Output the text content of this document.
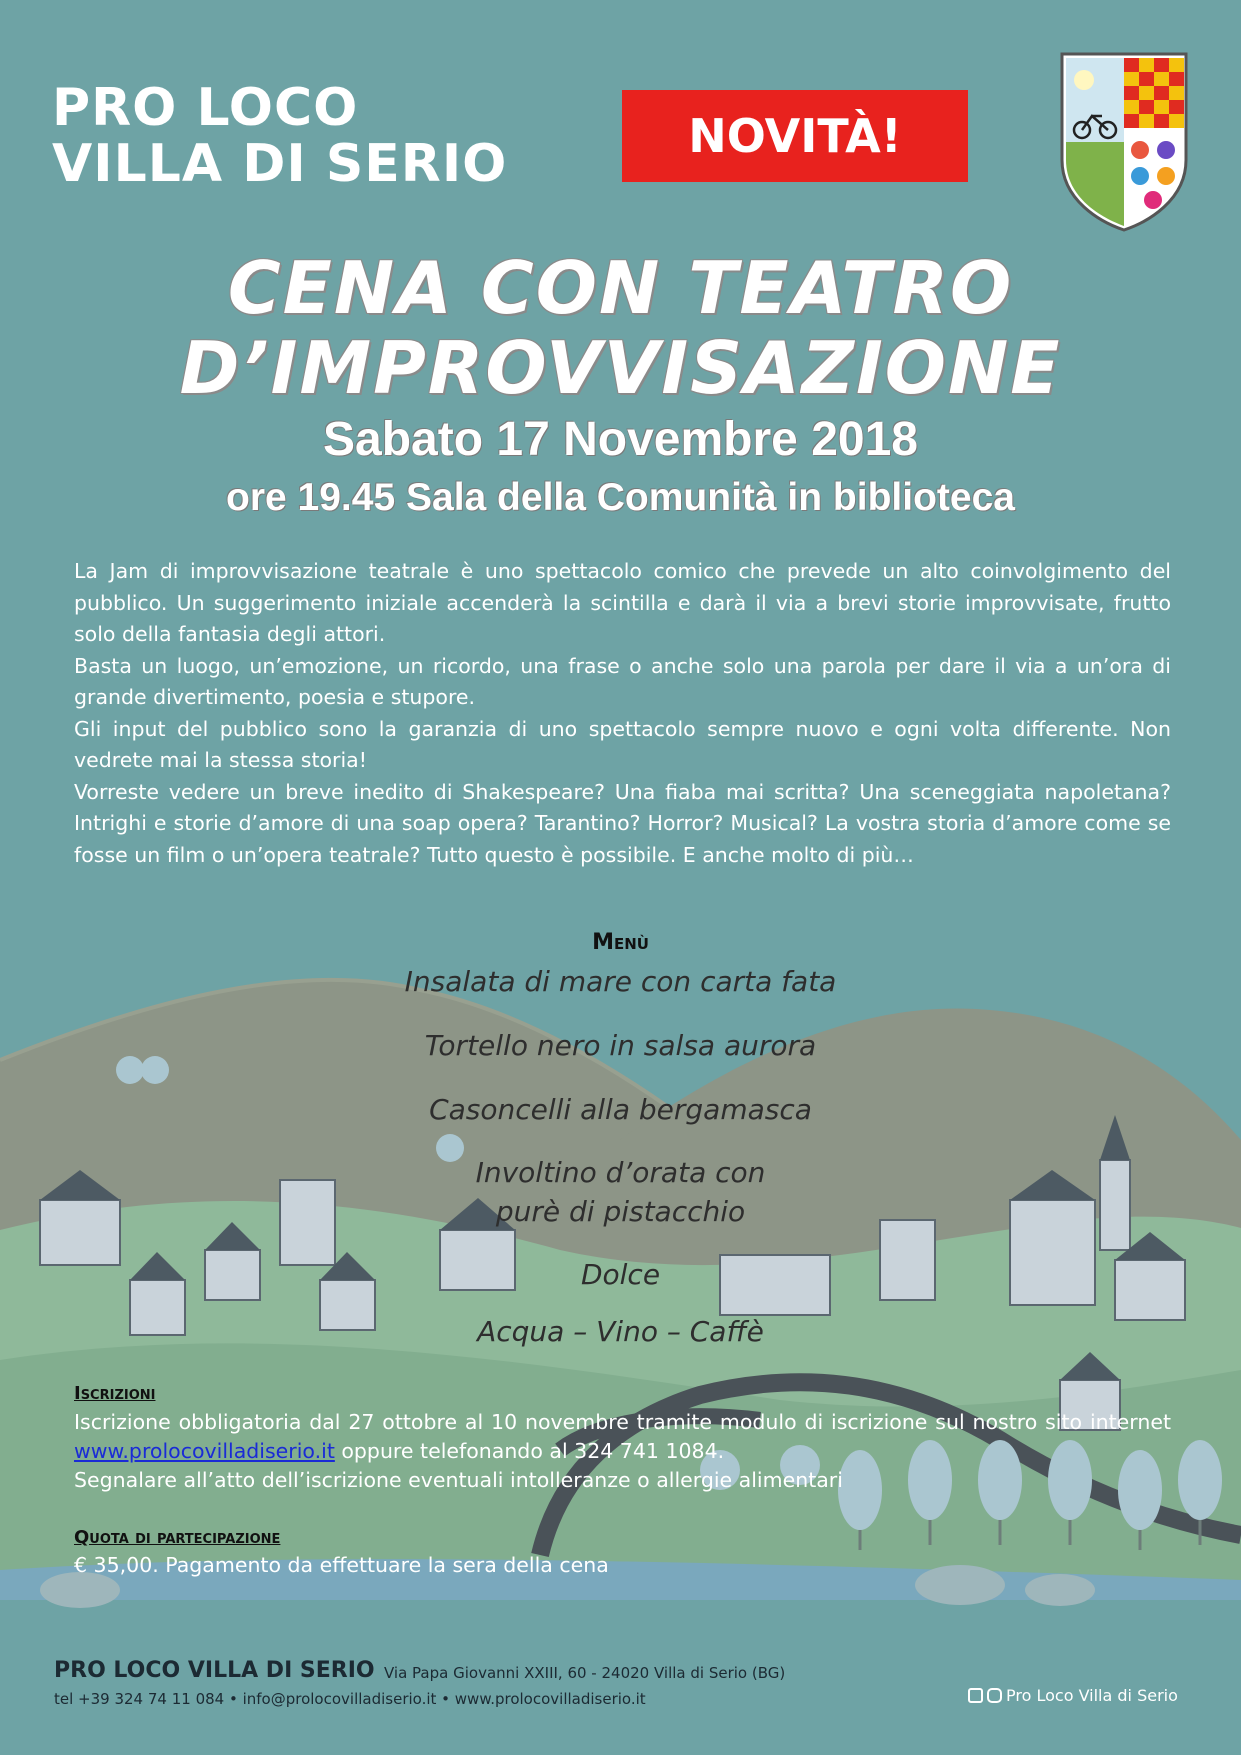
PRO LOCO
VILLA DI SERIO	NOVITÀ!
CENA CON TEATRO
D’IMPROVVISAZIONE
Sabato 17 Novembre 2018
ore 19.45 Sala della Comunità in biblioteca

La Jam di improvvisazione teatrale è uno spettacolo comico che prevede un alto coinvolgimento del pubblico. Un suggerimento iniziale accenderà la scintilla e darà il via a brevi storie improvvisate, frutto solo della fantasia degli attori.

Basta un luogo, un’emozione, un ricordo, una frase o anche solo una parola per dare il via a un’ora di grande divertimento, poesia e stupore.

Gli input del pubblico sono la garanzia di uno spettacolo sempre nuovo e ogni volta differente. Non vedrete mai la stessa storia!

Vorreste vedere un breve inedito di Shakespeare? Una fiaba mai scritta? Una sceneggiata napoletana? Intrighi e storie d’amore di una soap opera? Tarantino? Horror? Musical? La vostra storia d’amore come se fosse un film o un’opera teatrale? Tutto questo è possibile. E anche molto di più…

Menù
Insalata di mare con carta fata
Tortello nero in salsa aurora
Casoncelli alla bergamasca
Involtino d’orata con
purè di pistacchio
Dolce
Acqua – Vino – Caffè
Iscrizioni

Iscrizione obbligatoria dal 27 ottobre al 10 novembre tramite modulo di iscrizione sul nostro sito internet www.prolocovilladiserio.it oppure telefonando al 324 741 1084.

Segnalare all’atto dell’iscrizione eventuali intolleranze o allergie alimentari

Quota di partecipazione
€ 35,00. Pagamento da effettuare la sera della cena
PRO LOCO VILLA DI SERIO Via Papa Giovanni XXIII, 60 - 24020 Villa di Serio (BG)
tel +39 324 74 11 084 • info@prolocovilladiserio.it • www.prolocovilladiserio.it	Pro Loco Villa di Serio
